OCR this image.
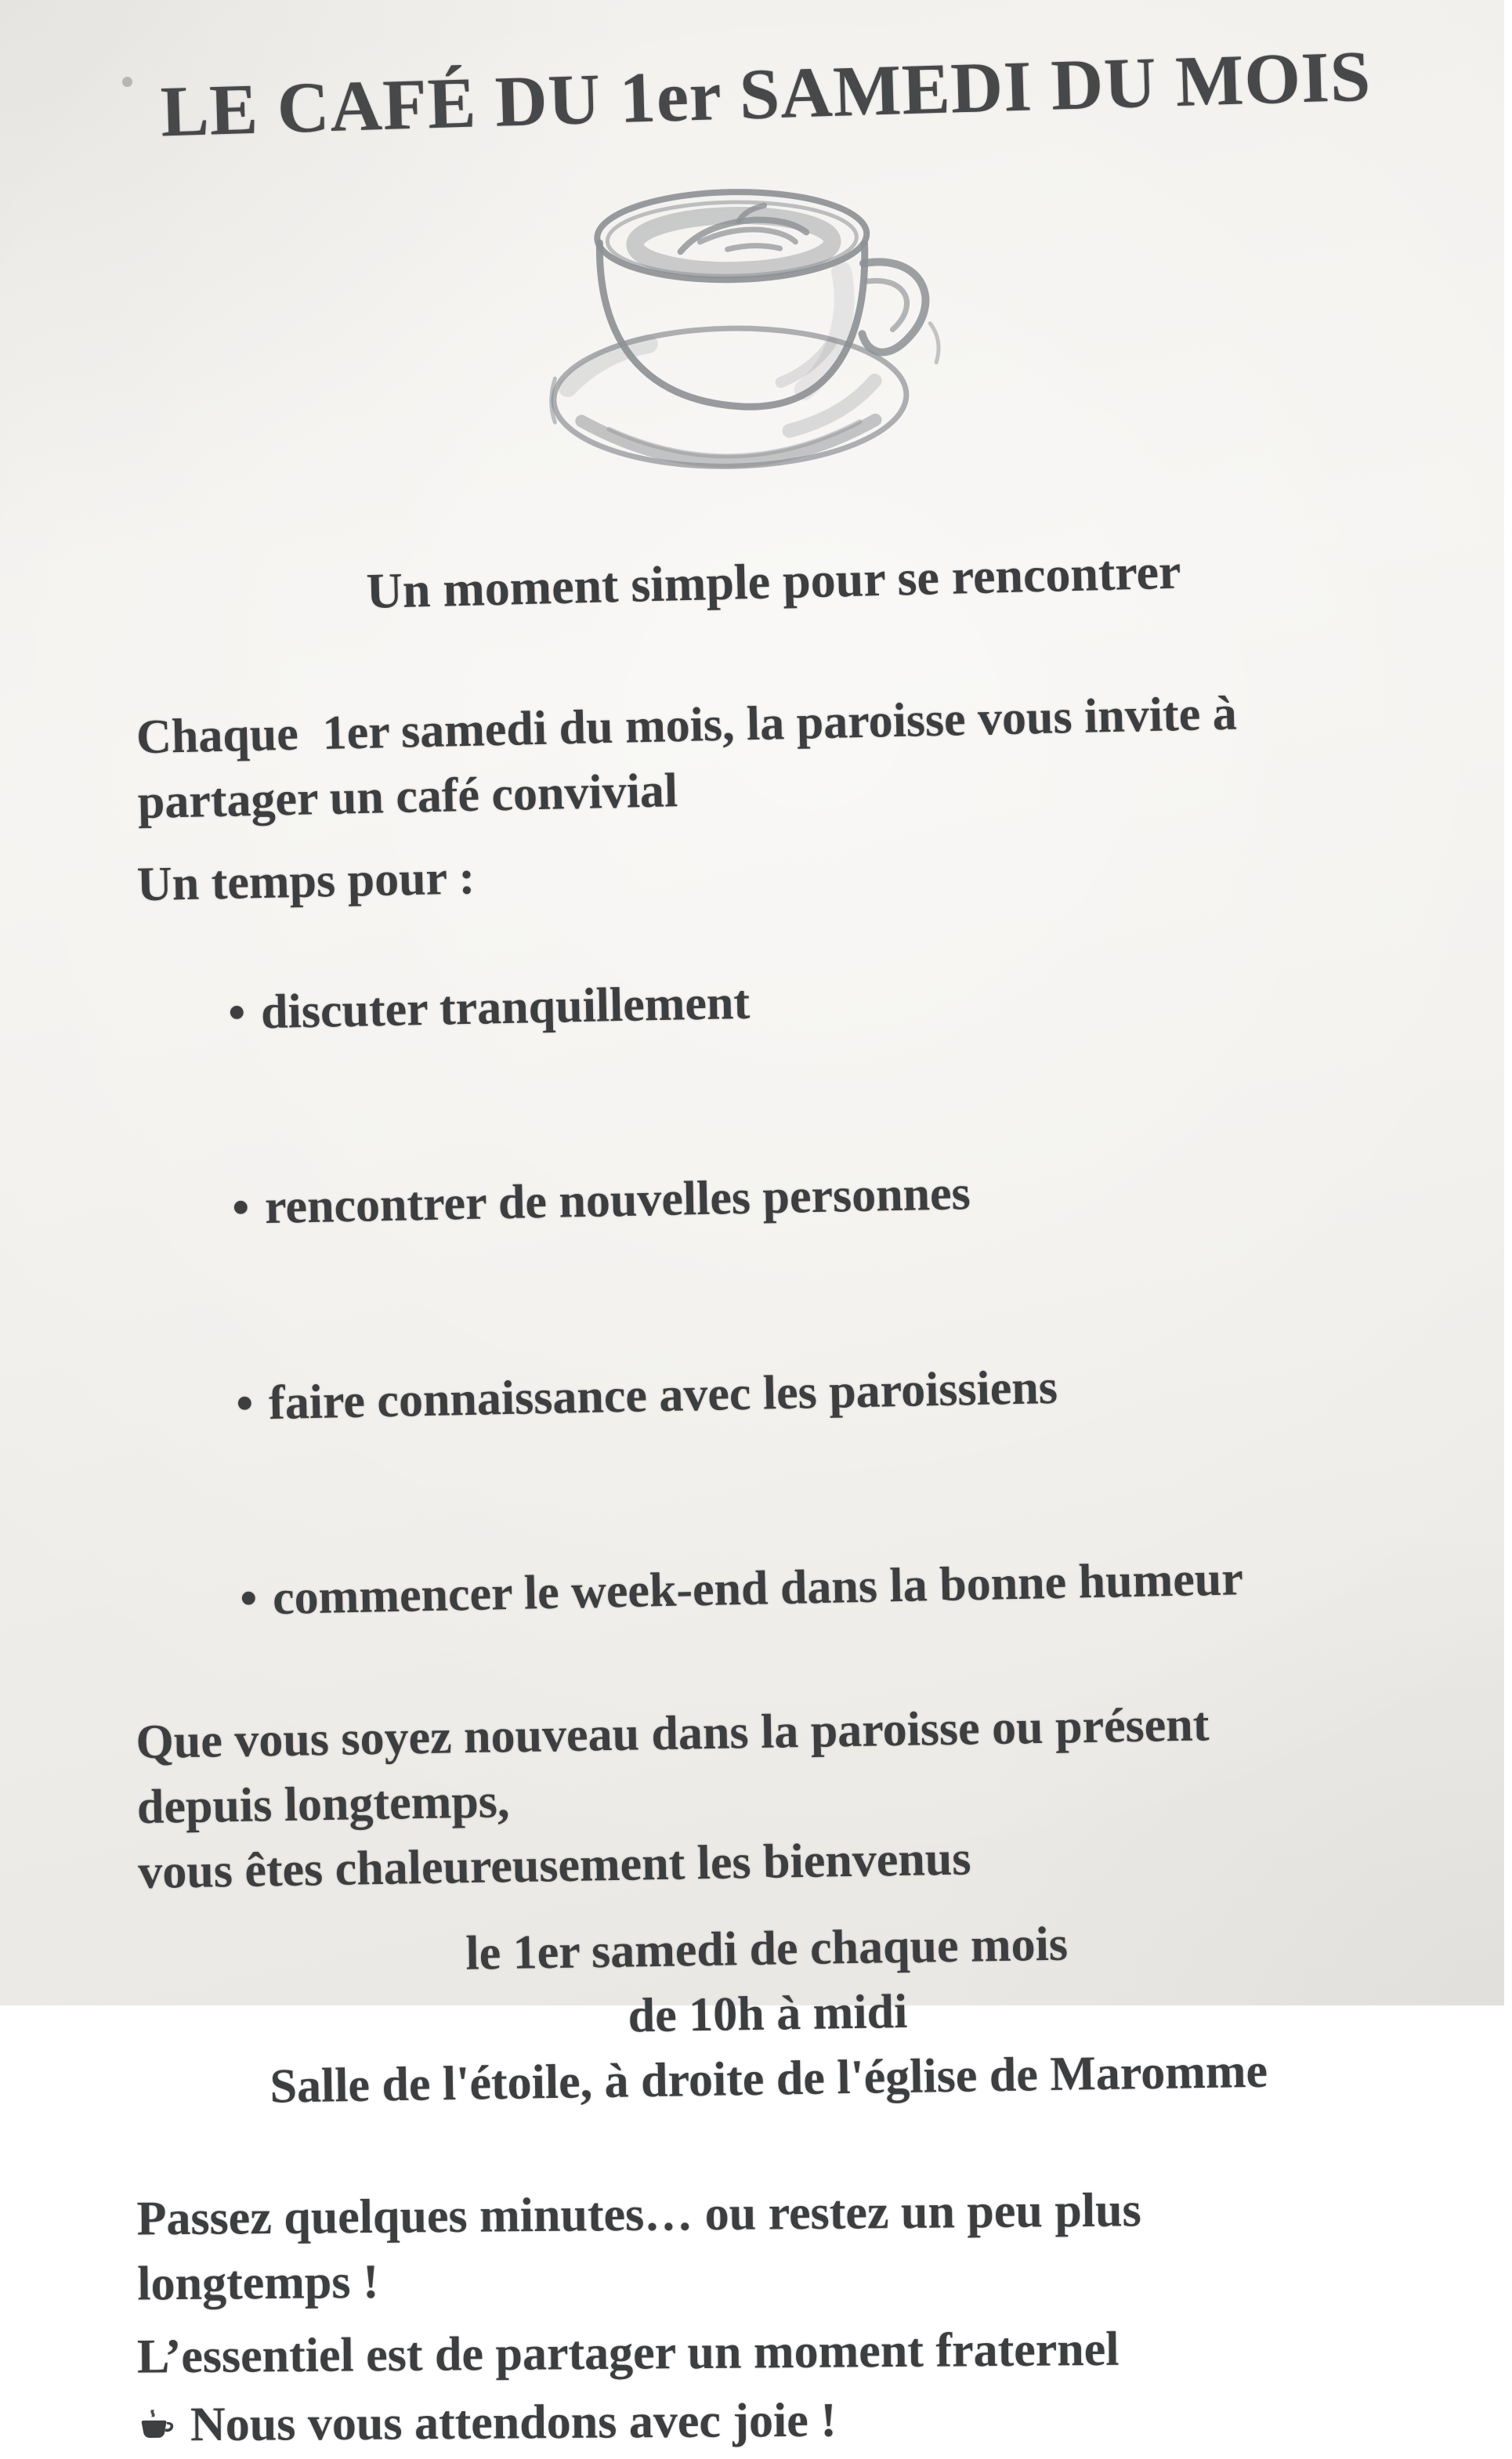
LE CAFÉ DU 1er SAMEDI DU MOIS

Un moment simple pour se rencontrer

Chaque  1er samedi du mois, la paroisse vous invite à
partager un café convivial

Un temps pour :

• discuter tranquillement

• rencontrer de nouvelles personnes

• faire connaissance avec les paroissiens

• commencer le week-end dans la bonne humeur

Que vous soyez nouveau dans la paroisse ou présent
depuis longtemps,
vous êtes chaleureusement les bienvenus
le 1er samedi de chaque mois
de 10h à midi
Salle de l'étoile, à droite de l'église de Maromme
Passez quelques minutes… ou restez un peu plus
longtemps !

L’essentiel est de partager un moment fraternel

Nous vous attendons avec joie !
